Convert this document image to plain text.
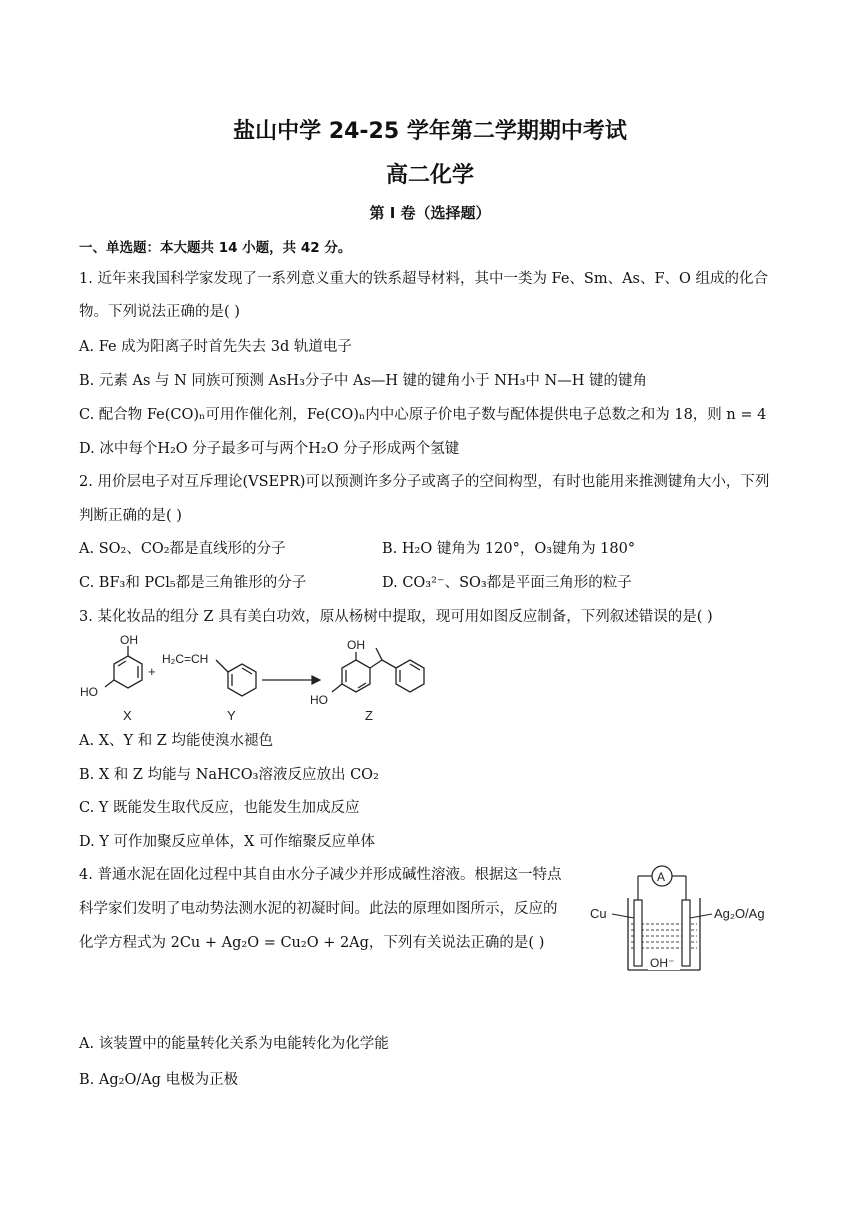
盐山中学 24-25 学年第二学期期中考试
高二化学
第 I 卷（选择题）
一、单选题：本大题共 14 小题，共 42 分。
1. 近年来我国科学家发现了一系列意义重大的铁系超导材料，其中一类为 Fe、Sm、As、F、O 组成的化合
物。下列说法正确的是( )
A. Fe 成为阳离子时首先失去 3d 轨道电子
B. 元素 As 与 N 同族可预测 AsH₃分子中 As—H 键的键角小于 NH₃中 N—H 键的键角
C. 配合物 Fe(CO)ₙ可用作催化剂，Fe(CO)ₙ内中心原子价电子数与配体提供电子总数之和为 18，则 n = 4
D. 冰中每个H₂O 分子最多可与两个H₂O 分子形成两个氢键
2. 用价层电子对互斥理论(VSEPR)可以预测许多分子或离子的空间构型，有时也能用来推测键角大小，下列
判断正确的是( )
A. SO₂、CO₂都是直线形的分子	B. H₂O 键角为 120°，O₃键角为 180°
C. BF₃和 PCl₅都是三角锥形的分子	D. CO₃²⁻、SO₃都是平面三角形的粒子
3. 某化妆品的组分 Z 具有美白功效，原从杨树中提取，现可用如图反应制备，下列叙述错误的是( )
OH
HO
X
+
H₂C=CH
Y
OH
HO
Z
A. X、Y 和 Z 均能使溴水褪色
B. X 和 Z 均能与 NaHCO₃溶液反应放出 CO₂
C. Y 既能发生取代反应，也能发生加成反应
D. Y 可作加聚反应单体，X 可作缩聚反应单体
4. 普通水泥在固化过程中其自由水分子减少并形成碱性溶液。根据这一特点
科学家们发明了电动势法测水泥的初凝时间。此法的原理如图所示，反应的
化学方程式为 2Cu + Ag₂O = Cu₂O + 2Ag，下列有关说法正确的是( )
A
Cu	Ag₂O/Ag
OH⁻
A. 该装置中的能量转化关系为电能转化为化学能
B. Ag₂O/Ag 电极为正极
